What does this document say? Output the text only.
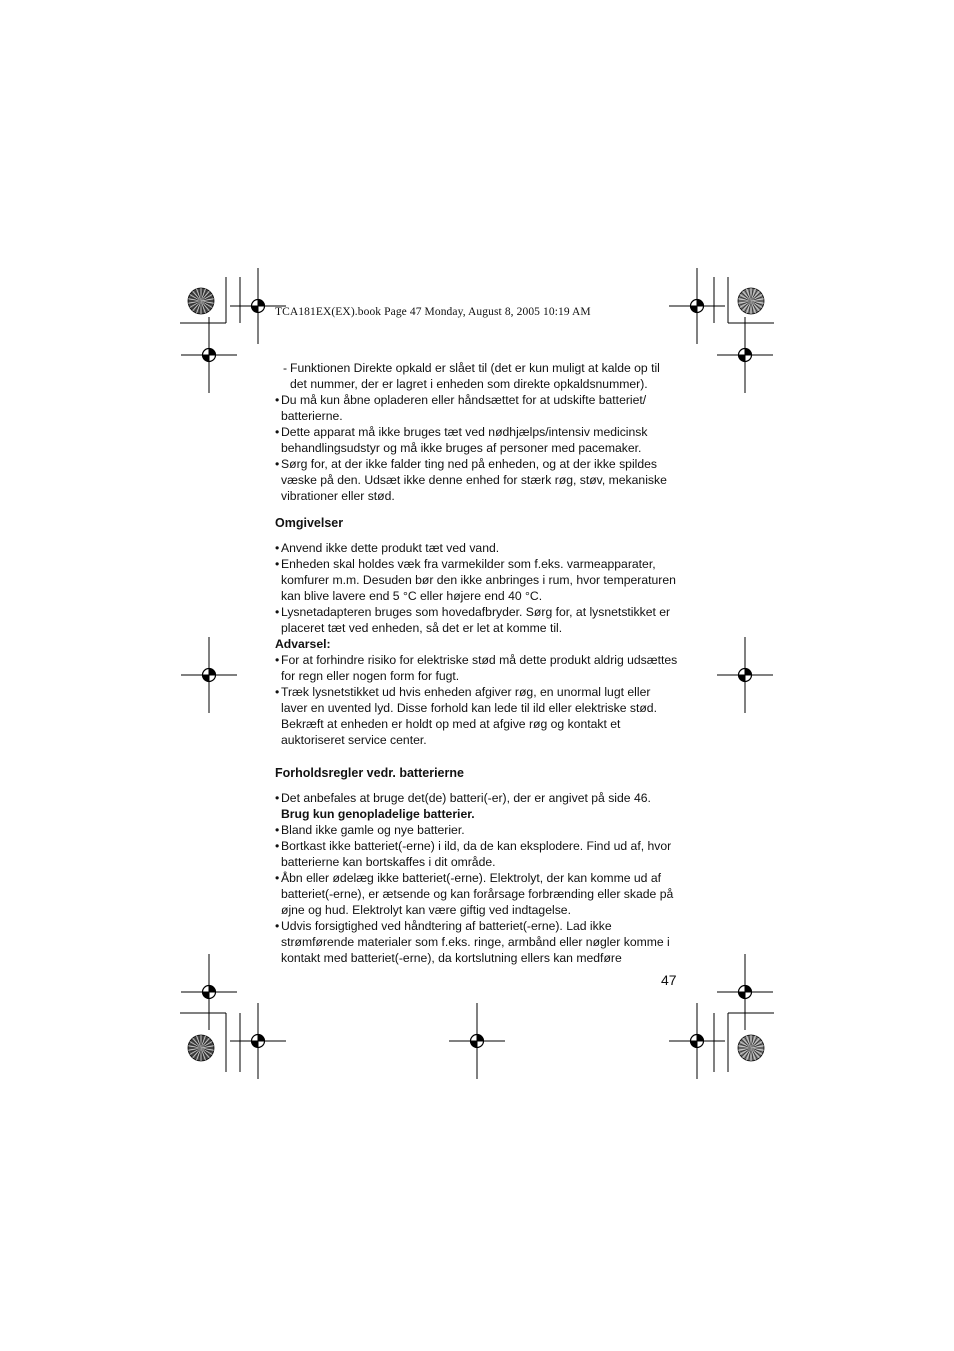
TCA181EX(EX).book Page 47 Monday, August 8, 2005 10:19 AM
- Funktionen Direkte opkald er slået til (det er kun muligt at kalde op til det nummer, der er lagret i enheden som direkte opkaldsnummer).
• Du må kun åbne opladeren eller håndsættet for at udskifte batteriet/ batterierne.
• Dette apparat må ikke bruges tæt ved nødhjælps/intensiv medicinsk behandlingsudstyr og må ikke bruges af personer med pacemaker.
• Sørg for, at der ikke falder ting ned på enheden, og at der ikke spildes væske på den. Udsæt ikke denne enhed for stærk røg, støv, mekaniske vibrationer eller stød.
Omgivelser
• Anvend ikke dette produkt tæt ved vand.
• Enheden skal holdes væk fra varmekilder som f.eks. varmeapparater, komfurer m.m. Desuden bør den ikke anbringes i rum, hvor temperaturen kan blive lavere end 5 °C eller højere end 40 °C.
• Lysnetadapteren bruges som hovedafbryder. Sørg for, at lysnetstikket er placeret tæt ved enheden, så det er let at komme til.
Advarsel:
• For at forhindre risiko for elektriske stød må dette produkt aldrig udsættes for regn eller nogen form for fugt.
• Træk lysnetstikket ud hvis enheden afgiver røg, en unormal lugt eller laver en uvented lyd. Disse forhold kan lede til ild eller elektriske stød. Bekræft at enheden er holdt op med at afgive røg og kontakt et auktoriseret service center.
Forholdsregler vedr. batterierne
• Det anbefales at bruge det(de) batteri(-er), der er angivet på side 46. Brug kun genopladelige batterier.
• Bland ikke gamle og nye batterier.
• Bortkast ikke batteriet(-erne) i ild, da de kan eksplodere. Find ud af, hvor batterierne kan bortskaffes i dit område.
• Åbn eller ødelæg ikke batteriet(-erne). Elektrolyt, der kan komme ud af batteriet(-erne), er ætsende og kan forårsage forbrænding eller skade på øjne og hud. Elektrolyt kan være giftig ved indtagelse.
• Udvis forsigtighed ved håndtering af batteriet(-erne). Lad ikke strømførende materialer som f.eks. ringe, armbånd eller nøgler komme i kontakt med batteriet(-erne), da kortslutning ellers kan medføre
47
